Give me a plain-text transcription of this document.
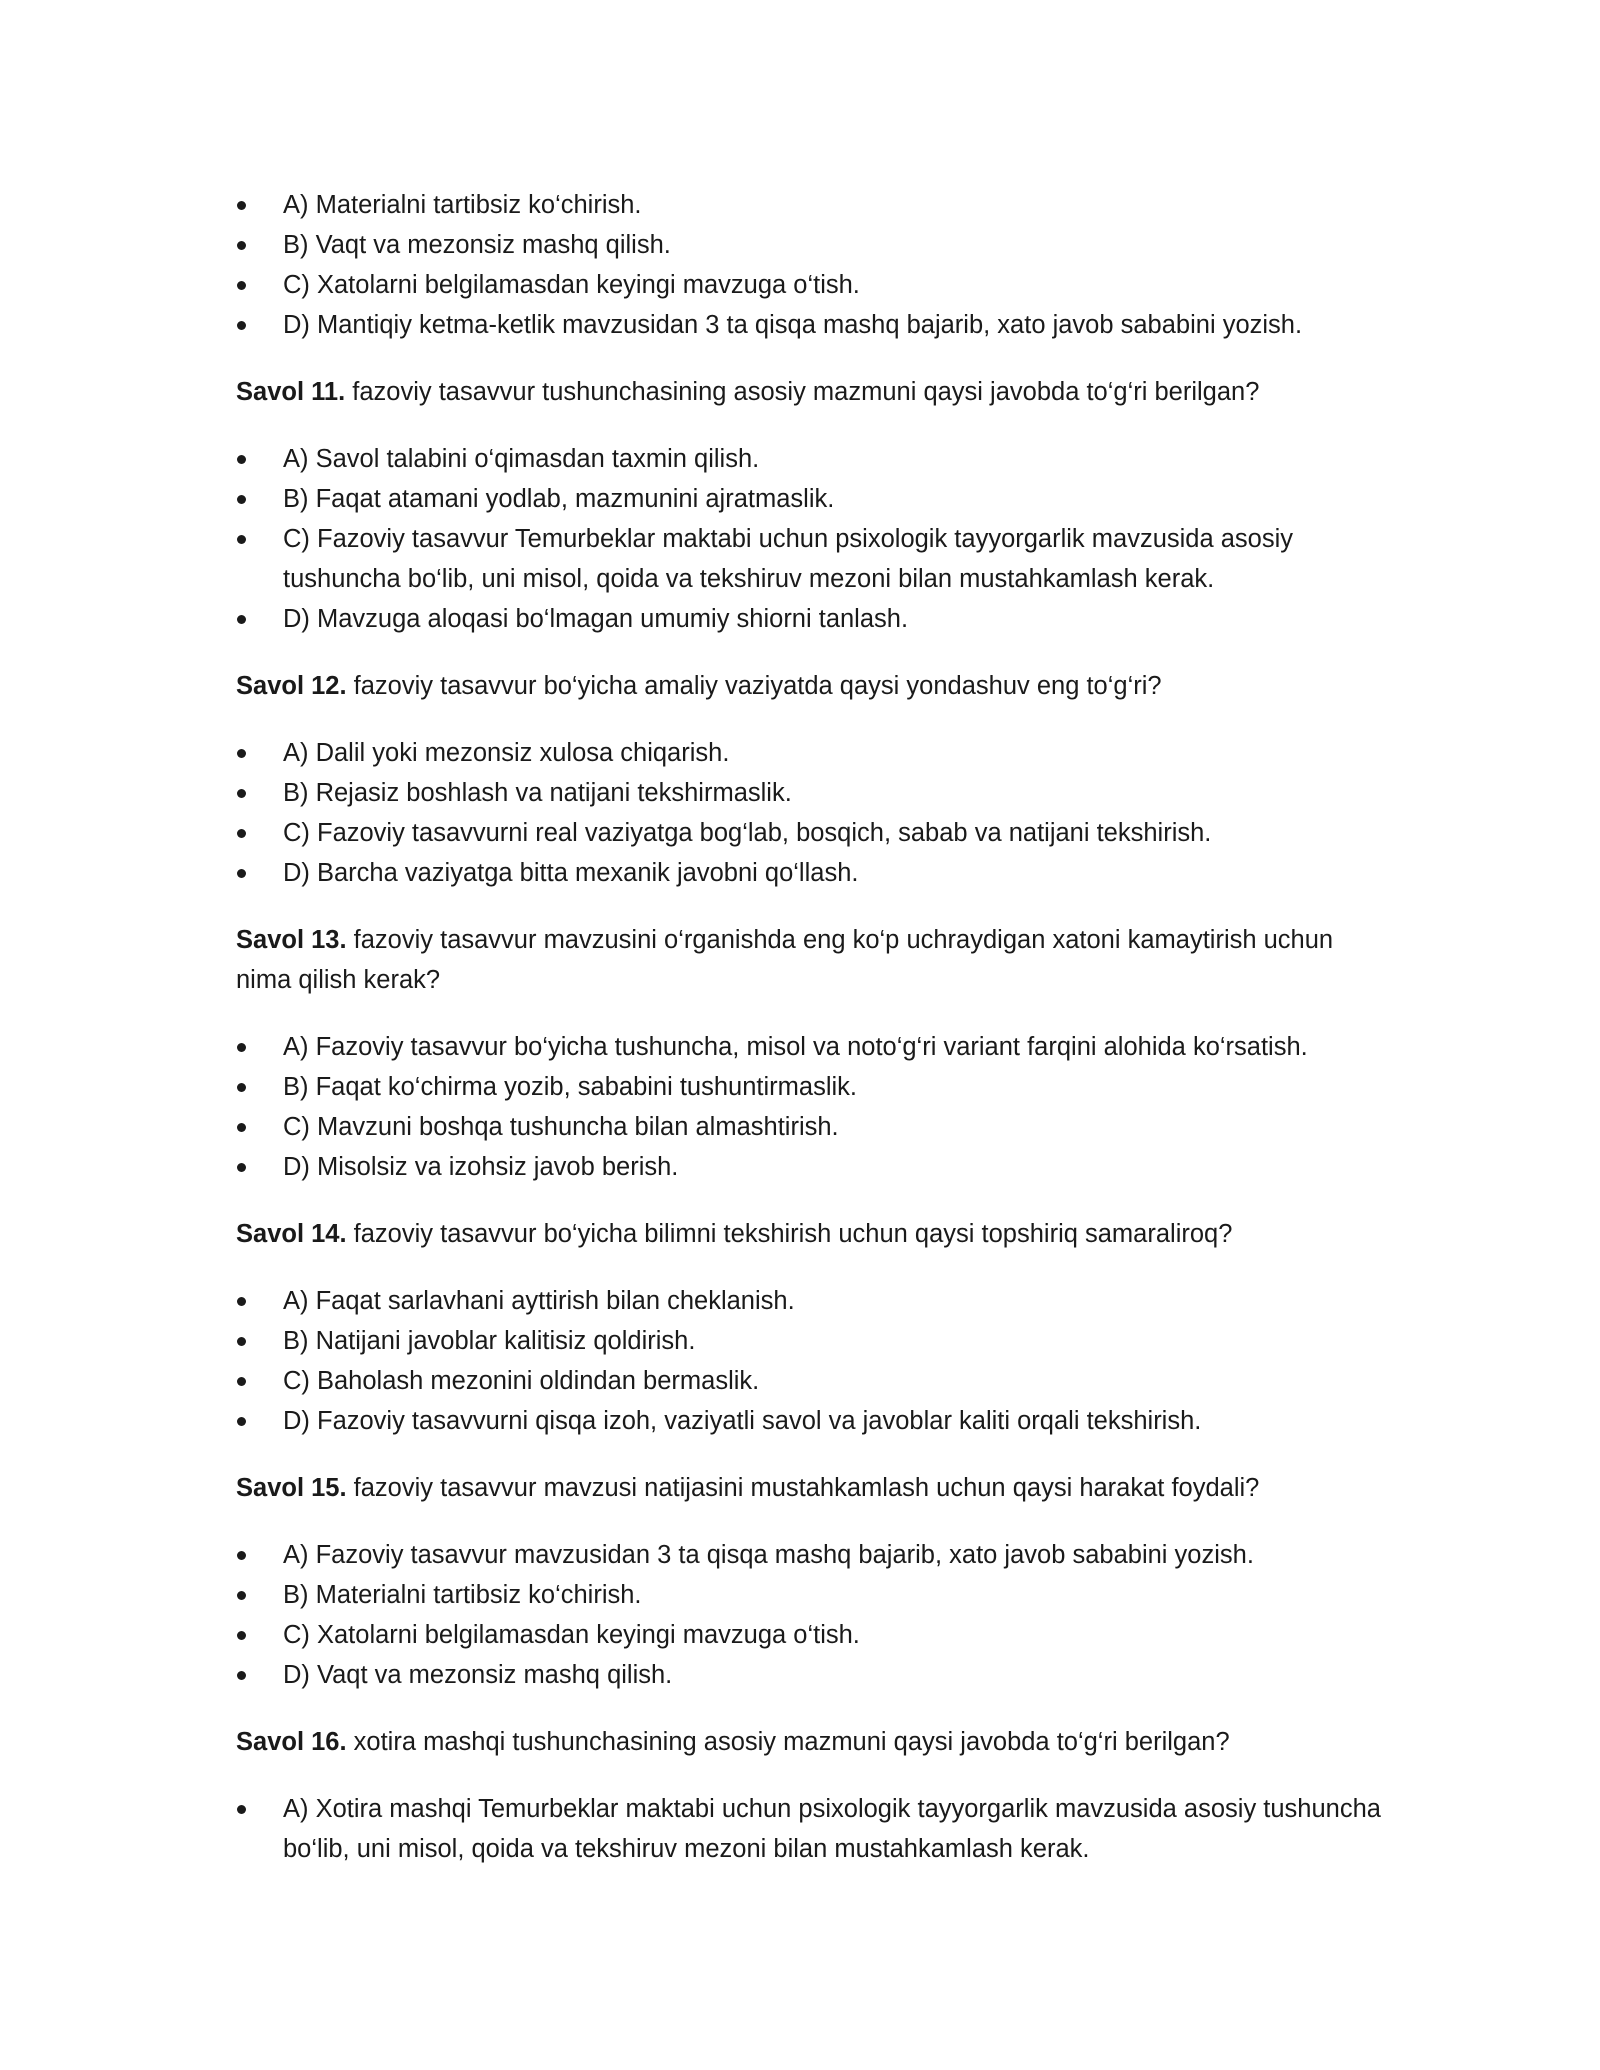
A) Materialni tartibsiz ko‘chirish.
B) Vaqt va mezonsiz mashq qilish.
C) Xatolarni belgilamasdan keyingi mavzuga o‘tish.
D) Mantiqiy ketma-ketlik mavzusidan 3 ta qisqa mashq bajarib, xato javob sababini yozish.

Savol 11. fazoviy tasavvur tushunchasining asosiy mazmuni qaysi javobda to‘g‘ri berilgan?

A) Savol talabini o‘qimasdan taxmin qilish.
B) Faqat atamani yodlab, mazmunini ajratmaslik.
C) Fazoviy tasavvur Temurbeklar maktabi uchun psixologik tayyorgarlik mavzusida asosiy tushuncha bo‘lib, uni misol, qoida va tekshiruv mezoni bilan mustahkamlash kerak.
D) Mavzuga aloqasi bo‘lmagan umumiy shiorni tanlash.

Savol 12. fazoviy tasavvur bo‘yicha amaliy vaziyatda qaysi yondashuv eng to‘g‘ri?

A) Dalil yoki mezonsiz xulosa chiqarish.
B) Rejasiz boshlash va natijani tekshirmaslik.
C) Fazoviy tasavvurni real vaziyatga bog‘lab, bosqich, sabab va natijani tekshirish.
D) Barcha vaziyatga bitta mexanik javobni qo‘llash.

Savol 13. fazoviy tasavvur mavzusini o‘rganishda eng ko‘p uchraydigan xatoni kamaytirish uchun nima qilish kerak?

A) Fazoviy tasavvur bo‘yicha tushuncha, misol va noto‘g‘ri variant farqini alohida ko‘rsatish.
B) Faqat ko‘chirma yozib, sababini tushuntirmaslik.
C) Mavzuni boshqa tushuncha bilan almashtirish.
D) Misolsiz va izohsiz javob berish.

Savol 14. fazoviy tasavvur bo‘yicha bilimni tekshirish uchun qaysi topshiriq samaraliroq?

A) Faqat sarlavhani ayttirish bilan cheklanish.
B) Natijani javoblar kalitisiz qoldirish.
C) Baholash mezonini oldindan bermaslik.
D) Fazoviy tasavvurni qisqa izoh, vaziyatli savol va javoblar kaliti orqali tekshirish.

Savol 15. fazoviy tasavvur mavzusi natijasini mustahkamlash uchun qaysi harakat foydali?

A) Fazoviy tasavvur mavzusidan 3 ta qisqa mashq bajarib, xato javob sababini yozish.
B) Materialni tartibsiz ko‘chirish.
C) Xatolarni belgilamasdan keyingi mavzuga o‘tish.
D) Vaqt va mezonsiz mashq qilish.

Savol 16. xotira mashqi tushunchasining asosiy mazmuni qaysi javobda to‘g‘ri berilgan?

A) Xotira mashqi Temurbeklar maktabi uchun psixologik tayyorgarlik mavzusida asosiy tushuncha bo‘lib, uni misol, qoida va tekshiruv mezoni bilan mustahkamlash kerak.
